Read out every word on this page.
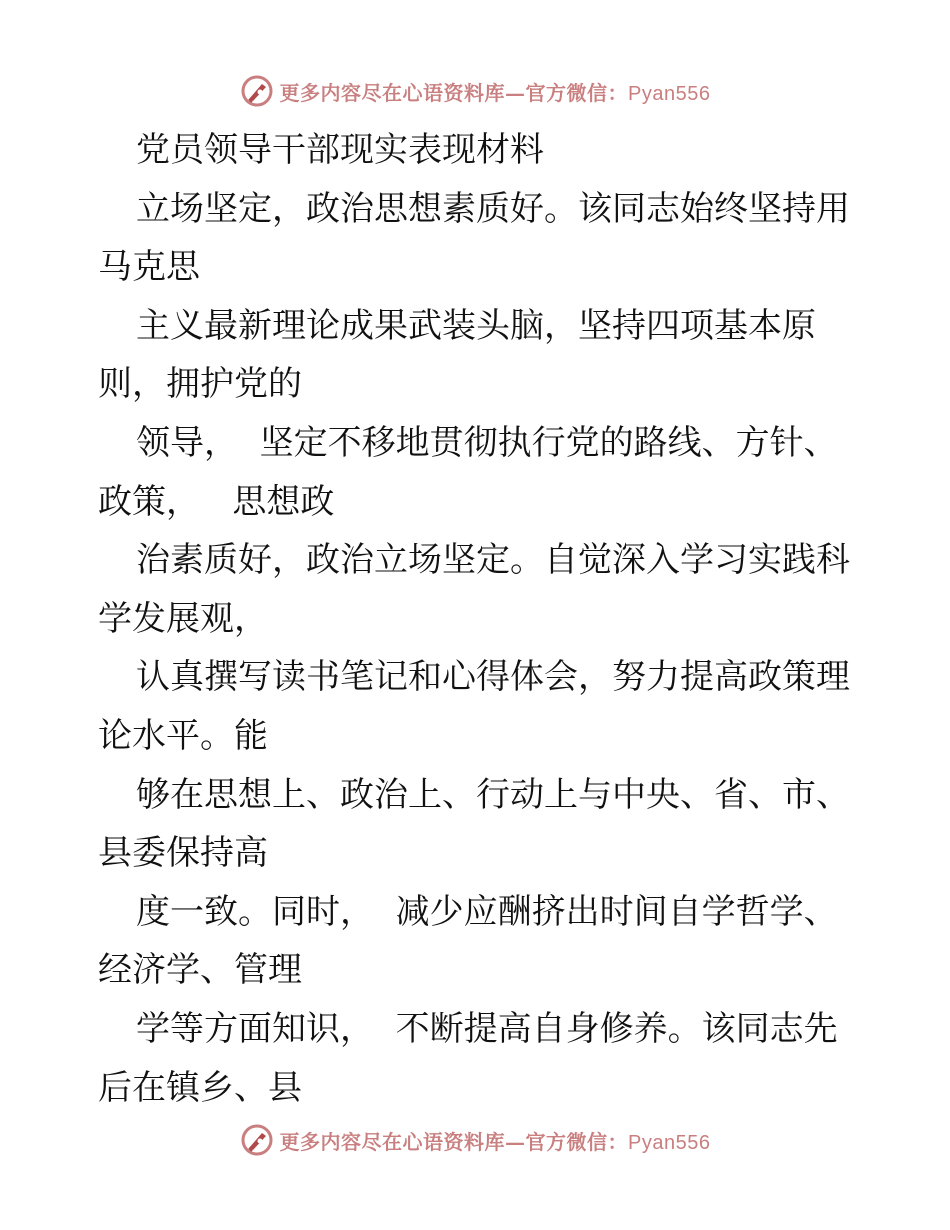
更多内容尽在心语资料库—官方微信：Pyan556
党员领导干部现实表现材料
立场坚定，政治思想素质好。该同志始终坚持用
马克思
主义最新理论成果武装头脑，坚持四项基本原
则，拥护党的
领导，  坚定不移地贯彻执行党的路线、方针、
政策，   思想政
治素质好，政治立场坚定。自觉深入学习实践科
学发展观，
认真撰写读书笔记和心得体会，努力提高政策理
论水平。能
够在思想上、政治上、行动上与中央、省、市、
县委保持高
度一致。同时，  减少应酬挤出时间自学哲学、
经济学、管理
学等方面知识，  不断提高自身修养。该同志先
后在镇乡、县
更多内容尽在心语资料库—官方微信：Pyan556
